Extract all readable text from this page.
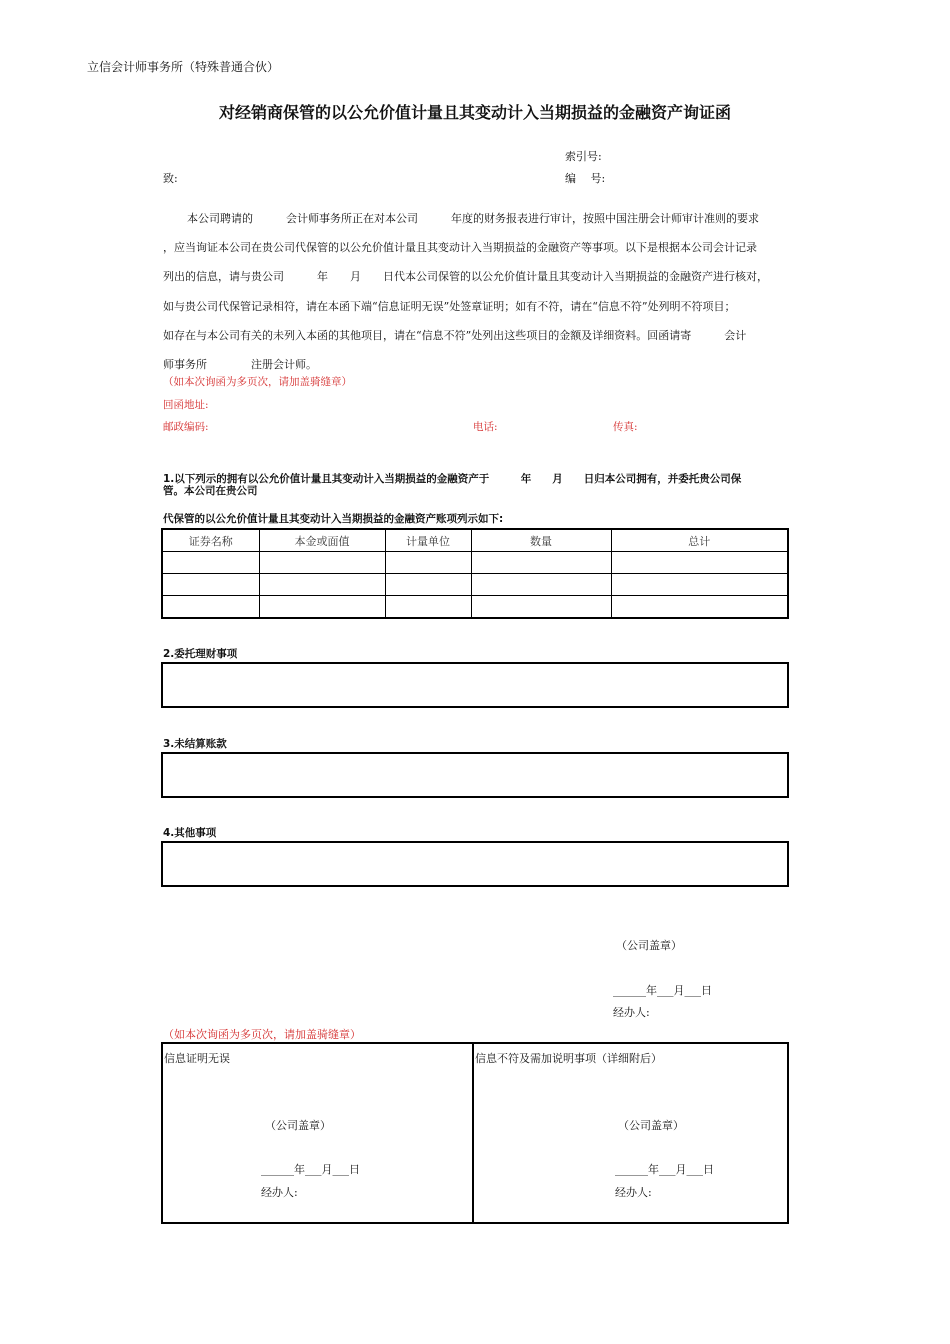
立信会计师事务所（特殊普通合伙）
对经销商保管的以公允价值计量且其变动计入当期损益的金融资产询证函
索引号:
致:	编　 号:
本公司聘请的　　　会计师事务所正在对本公司　　　年度的财务报表进行审计，按照中国注册会计师审计准则的要求
，应当询证本公司在贵公司代保管的以公允价值计量且其变动计入当期损益的金融资产等事项。以下是根据本公司会计记录
列出的信息，请与贵公司　　　年　　月　　日代本公司保管的以公允价值计量且其变动计入当期损益的金融资产进行核对，
如与贵公司代保管记录相符，请在本函下端“信息证明无误”处签章证明；如有不符，请在“信息不符”处列明不符项目；
如存在与本公司有关的未列入本函的其他项目，请在“信息不符”处列出这些项目的金额及详细资料。回函请寄　　　会计
师事务所　　　　注册会计师。
（如本次询函为多页次，请加盖骑缝章）
回函地址:
邮政编码:	电话:	传真:
1.以下列示的拥有以公允价值计量且其变动计入当期损益的金融资产于　　　年　　月　　日归本公司拥有，并委托贵公司保
管。本公司在贵公司
代保管的以公允价值计量且其变动计入当期损益的金融资产账项列示如下:
证券名称	本金或面值	计量单位	数量	总计

2.委托理财事项
3.未结算账款
4.其他事项
（公司盖章）
______年___月___日
经办人:
（如本次询函为多页次，请加盖骑缝章）
信息证明无误
（公司盖章）
______年___月___日
经办人:
信息不符及需加说明事项（详细附后）
（公司盖章）
______年___月___日
经办人:
